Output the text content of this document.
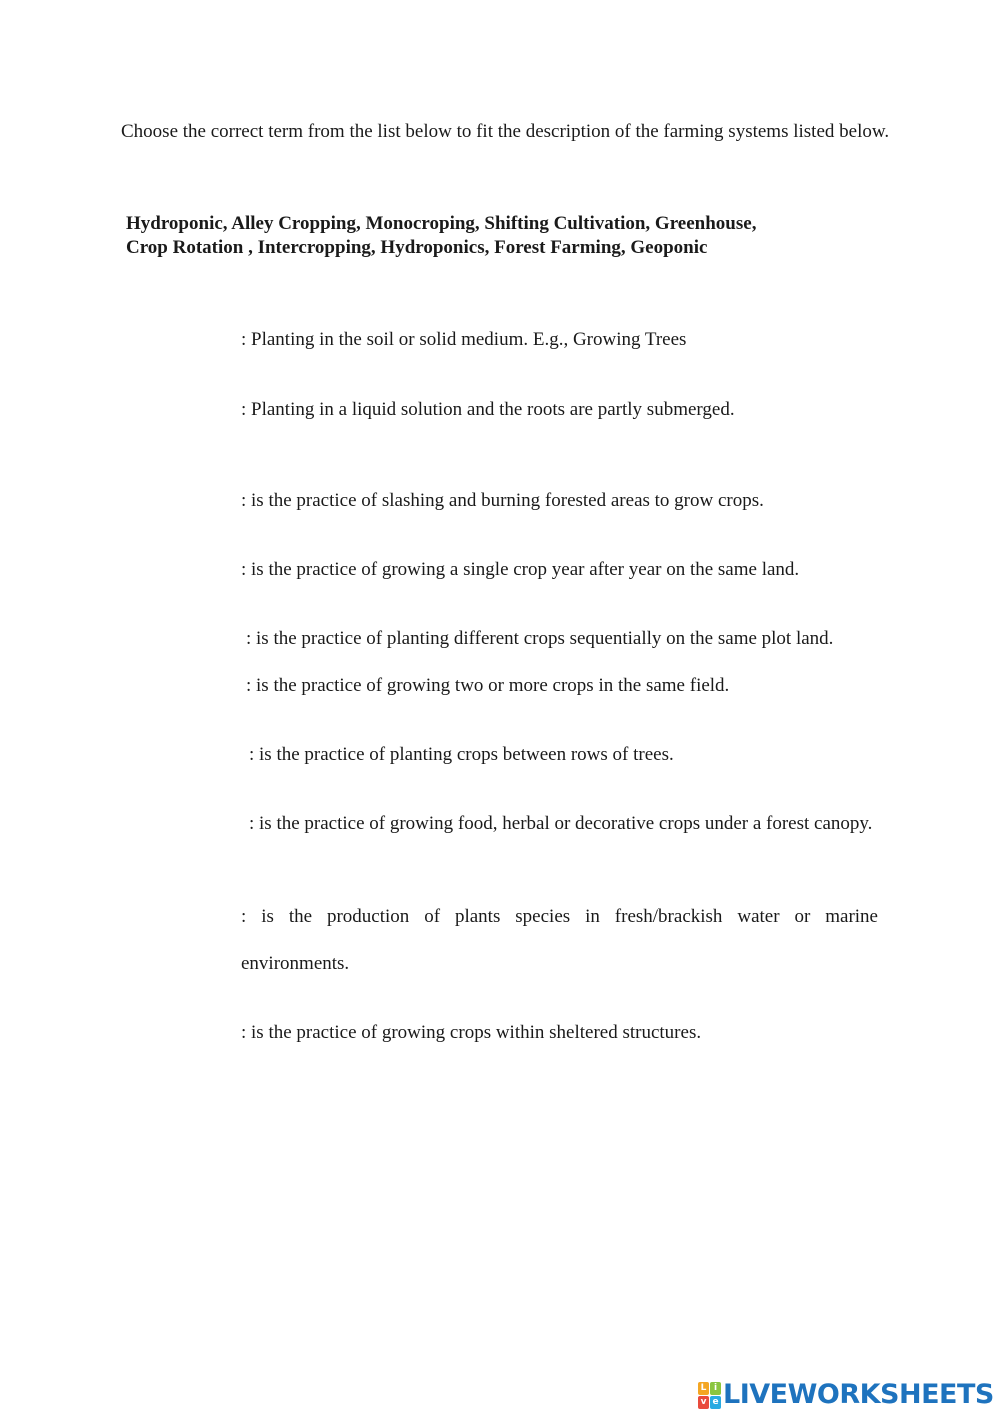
Choose the correct term from the list below to fit the description of the farming systems listed below.

Hydroponic, Alley Cropping, Monocroping, Shifting Cultivation, Greenhouse,
Crop Rotation , Intercropping, Hydroponics, Forest Farming, Geoponic

: Planting in the soil or solid medium. E.g., Growing Trees

: Planting in a liquid solution and the roots are partly submerged.

: is the practice of slashing and burning forested areas to grow crops.

: is the practice of growing a single crop year after year on the same land.

: is the practice of planting different crops sequentially on the same plot land.

: is the practice of growing two or more crops in the same field.

: is the practice of planting crops between rows of trees.

: is the practice of growing food, herbal or decorative crops under a forest canopy.

: is the production of plants species in fresh/brackish water or marine environments.

: is the practice of growing crops within sheltered structures.

L i
v e LIVEWORKSHEETS
